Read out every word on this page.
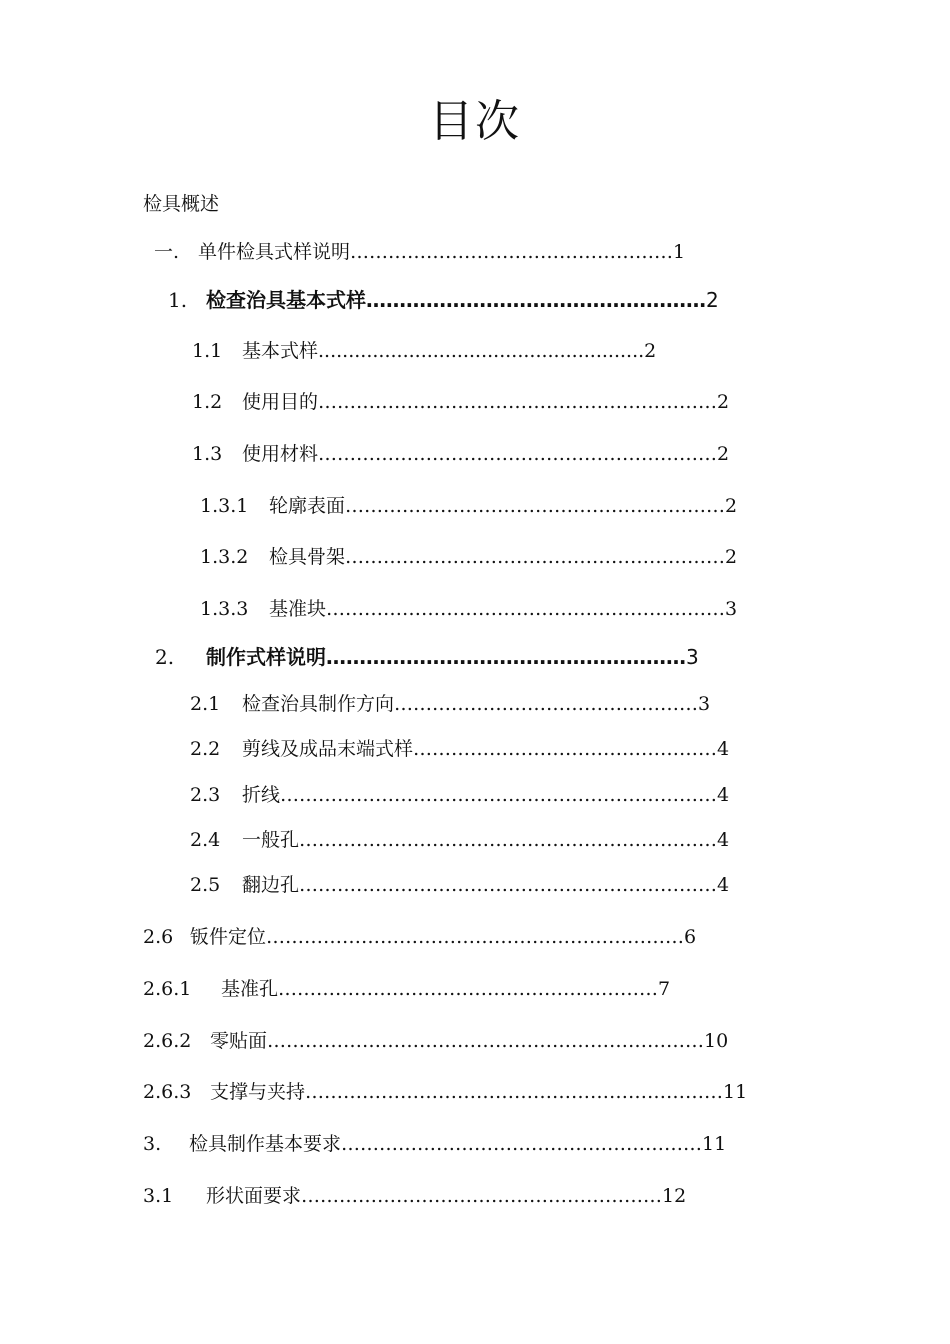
目次
检具概述
一. 单件检具式样说明……………………………………………1
1. 检查治具基本式样……………………………………………2
1.1 基本式样......................................................2
1.2 使用目的………………………………………………………2
1.3 使用材料………………………………………………………2
1.3.1 轮廓表面……………………………………………………2
1.3.2 检具骨架……………………………………………………2
1.3.3 基准块………………………………………………………3
2. 制作式样说明………………………………………………3
2.1 检查治具制作方向…………………………………………3
2.2 剪线及成品末端式样…………………………………………4
2.3 折线……………………………………………………………4
2.4 一般孔…………………………………………………………4
2.5 翻边孔…………………………………………………………4
2.6 钣件定位…………………………………………………………6
2.6.1 基准孔……………………………………………………7
2.6.2 零贴面……………………………………………………………10
2.6.3 支撑与夹持…………………………………………………………11
3. 检具制作基本要求…………………………………………………11
3.1 形状面要求…………………………………………………12
